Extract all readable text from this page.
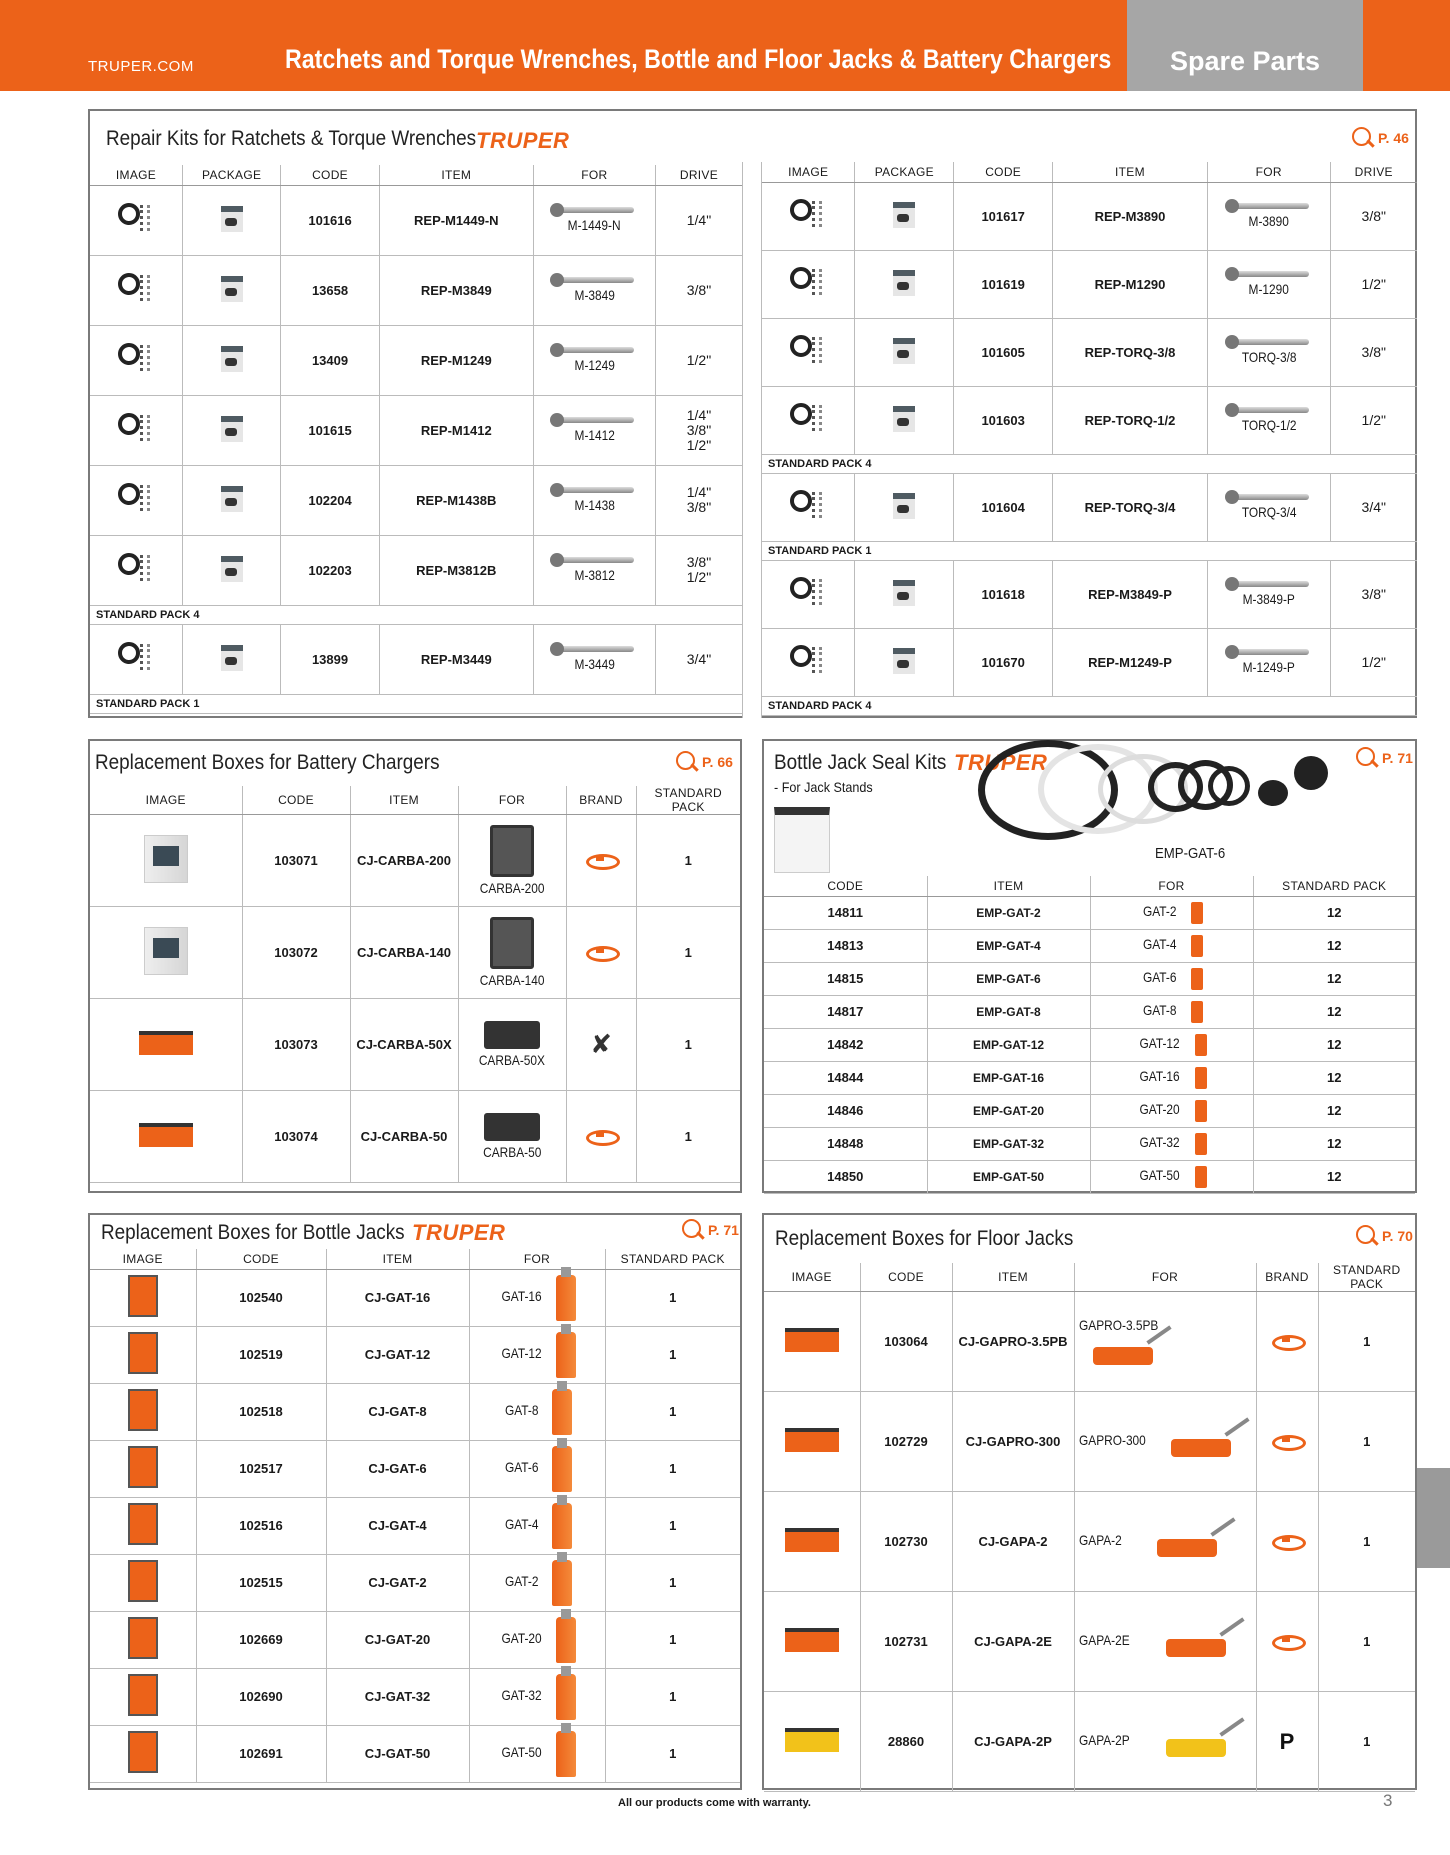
TRUPER.COM	Ratchets and Torque Wrenches, Bottle and Floor Jacks & Battery Chargers	Spare Parts
Repair Kits for Ratchets & Torque Wrenches TRUPER	P. 46
IMAGE	PACKAGE	CODE	ITEM	FOR	DRIVE
		101616	REP-M1449-N	M-1449-N	1/4"
		13658	REP-M3849	M-3849	3/8"
		13409	REP-M1249	M-1249	1/2"
		101615	REP-M1412	M-1412	1/4"
3/8"
1/2"
		102204	REP-M1438B	M-1438	1/4"
3/8"
		102203	REP-M3812B	M-3812	3/8"
1/2"
STANDARD PACK 4					
		13899	REP-M3449	M-3449	3/4"
STANDARD PACK 1					
IMAGE	PACKAGE	CODE	ITEM	FOR	DRIVE
		101617	REP-M3890	M-3890	3/8"
		101619	REP-M1290	M-1290	1/2"
		101605	REP-TORQ-3/8	TORQ-3/8	3/8"
		101603	REP-TORQ-1/2	TORQ-1/2	1/2"
STANDARD PACK 4					
		101604	REP-TORQ-3/4	TORQ-3/4	3/4"
STANDARD PACK 1					
		101618	REP-M3849-P	M-3849-P	3/8"
		101670	REP-M1249-P	M-1249-P	1/2"
STANDARD PACK 4					
Replacement Boxes for Battery Chargers	P. 66
IMAGE	CODE	ITEM	FOR	BRAND	STANDARD PACK
	103071	CJ-CARBA-200	CARBA-200		1
	103072	CJ-CARBA-140	CARBA-140		1
	103073	CJ-CARBA-50X	CARBA-50X	✘	1
	103074	CJ-CARBA-50	CARBA-50		1
Bottle Jack Seal Kits TRUPER	P. 71
- For Jack Stands
EMP-GAT-6
CODE	ITEM	FOR	STANDARD PACK
14811	EMP-GAT-2	GAT-2	12
14813	EMP-GAT-4	GAT-4	12
14815	EMP-GAT-6	GAT-6	12
14817	EMP-GAT-8	GAT-8	12
14842	EMP-GAT-12	GAT-12	12
14844	EMP-GAT-16	GAT-16	12
14846	EMP-GAT-20	GAT-20	12
14848	EMP-GAT-32	GAT-32	12
14850	EMP-GAT-50	GAT-50	12
Replacement Boxes for Bottle Jacks TRUPER	P. 71
IMAGE	CODE	ITEM	FOR	STANDARD PACK
	102540	CJ-GAT-16	GAT-16	1
	102519	CJ-GAT-12	GAT-12	1
	102518	CJ-GAT-8	GAT-8	1
	102517	CJ-GAT-6	GAT-6	1
	102516	CJ-GAT-4	GAT-4	1
	102515	CJ-GAT-2	GAT-2	1
	102669	CJ-GAT-20	GAT-20	1
	102690	CJ-GAT-32	GAT-32	1
	102691	CJ-GAT-50	GAT-50	1
Replacement Boxes for Floor Jacks	P. 70
IMAGE	CODE	ITEM	FOR	BRAND	STANDARD PACK
	103064	CJ-GAPRO-3.5PB	GAPRO-3.5PB		1
	102729	CJ-GAPRO-300	GAPRO-300		1
	102730	CJ-GAPA-2	GAPA-2		1
	102731	CJ-GAPA-2E	GAPA-2E		1
	28860	CJ-GAPA-2P	GAPA-2P	P	1
All our products come with warranty.	3
